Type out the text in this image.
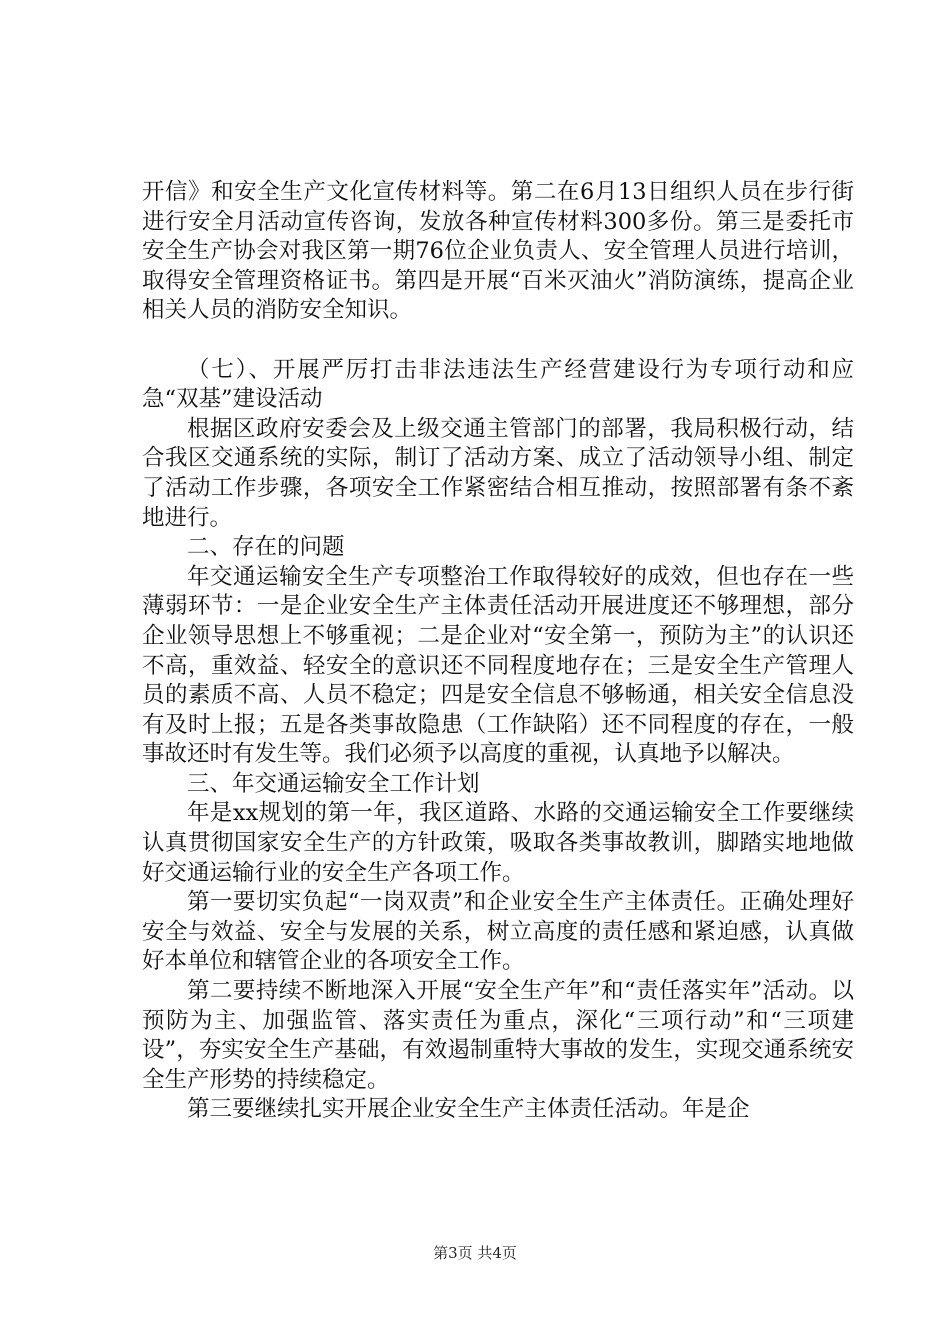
开信》和安全生产文化宣传材料等。第二在6月13日组织人员在步行街进行安全月活动宣传咨询，发放各种宣传材料300多份。第三是委托市安全生产协会对我区第一期76位企业负责人、安全管理人员进行培训，取得安全管理资格证书。第四是开展“百米灭油火”消防演练，提高企业相关人员的消防安全知识。

（七）、开展严厉打击非法违法生产经营建设行为专项行动和应急“双基”建设活动

根据区政府安委会及上级交通主管部门的部署，我局积极行动，结合我区交通系统的实际，制订了活动方案、成立了活动领导小组、制定了活动工作步骤，各项安全工作紧密结合相互推动，按照部署有条不紊地进行。

二、存在的问题

年交通运输安全生产专项整治工作取得较好的成效，但也存在一些薄弱环节：一是企业安全生产主体责任活动开展进度还不够理想，部分企业领导思想上不够重视；二是企业对“安全第一，预防为主”的认识还不高，重效益、轻安全的意识还不同程度地存在；三是安全生产管理人员的素质不高、人员不稳定；四是安全信息不够畅通，相关安全信息没有及时上报；五是各类事故隐患（工作缺陷）还不同程度的存在，一般事故还时有发生等。我们必须予以高度的重视，认真地予以解决。

三、年交通运输安全工作计划

年是xx规划的第一年，我区道路、水路的交通运输安全工作要继续认真贯彻国家安全生产的方针政策，吸取各类事故教训，脚踏实地地做好交通运输行业的安全生产各项工作。

第一要切实负起“一岗双责”和企业安全生产主体责任。正确处理好安全与效益、安全与发展的关系，树立高度的责任感和紧迫感，认真做好本单位和辖管企业的各项安全工作。

第二要持续不断地深入开展“安全生产年”和“责任落实年”活动。以预防为主、加强监管、落实责任为重点，深化“三项行动”和“三项建设”，夯实安全生产基础，有效遏制重特大事故的发生，实现交通系统安全生产形势的持续稳定。

第三要继续扎实开展企业安全生产主体责任活动。年是企

第3页 共4页
